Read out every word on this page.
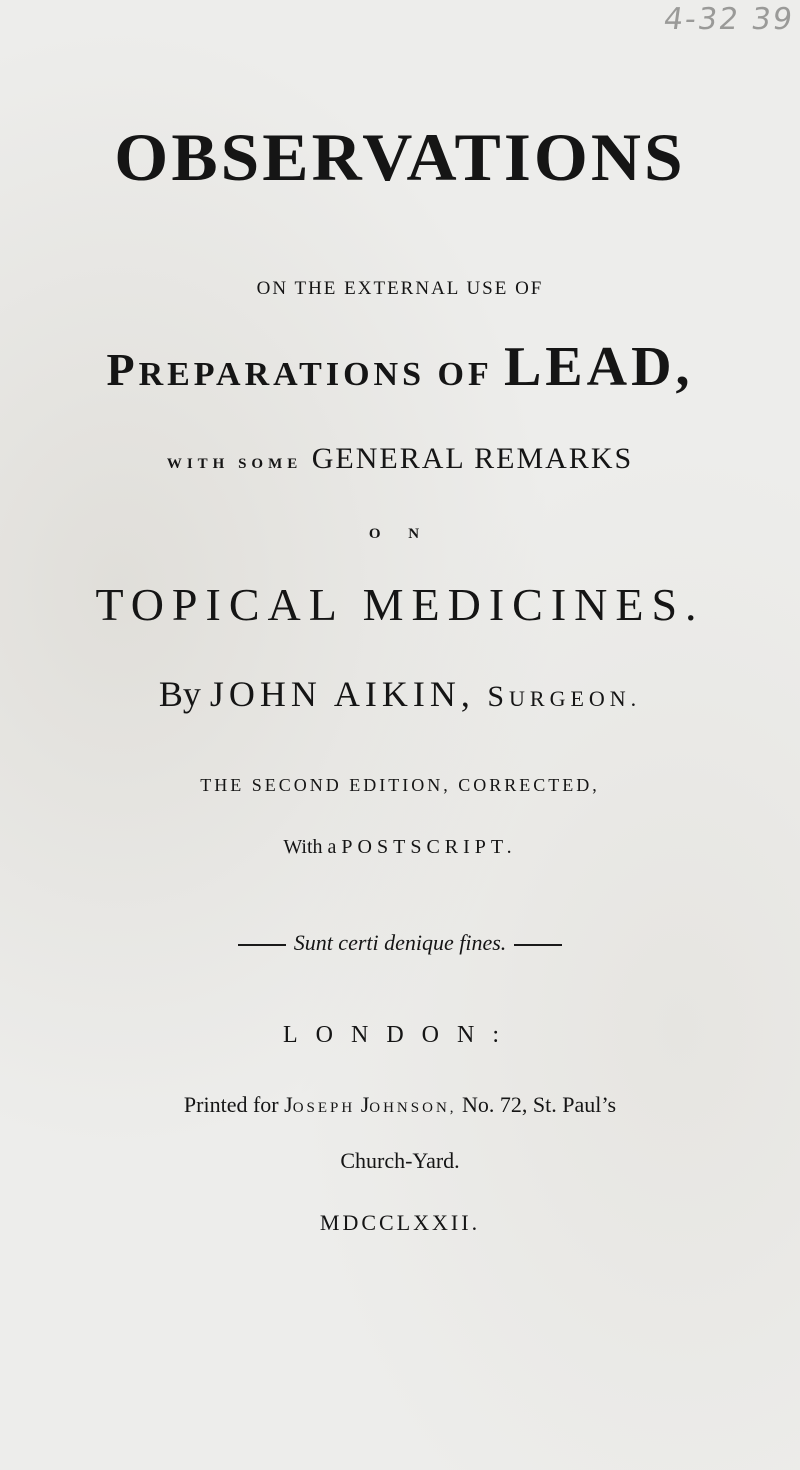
4-32 39
OBSERVATIONS
ON THE EXTERNAL USE OF
PREPARATIONS OF LEAD,
WITH SOME GENERAL REMARKS
O N
TOPICAL MEDICINES.
By JOHN AIKIN, SURGEON.
THE SECOND EDITION, CORRECTED,
With a POSTSCRIPT.
Sunt certi denique fines.
LONDON:
Printed for JOSEPH JOHNSON, No. 72, St. Paul’s
Church-Yard.
MDCCLXXII.
